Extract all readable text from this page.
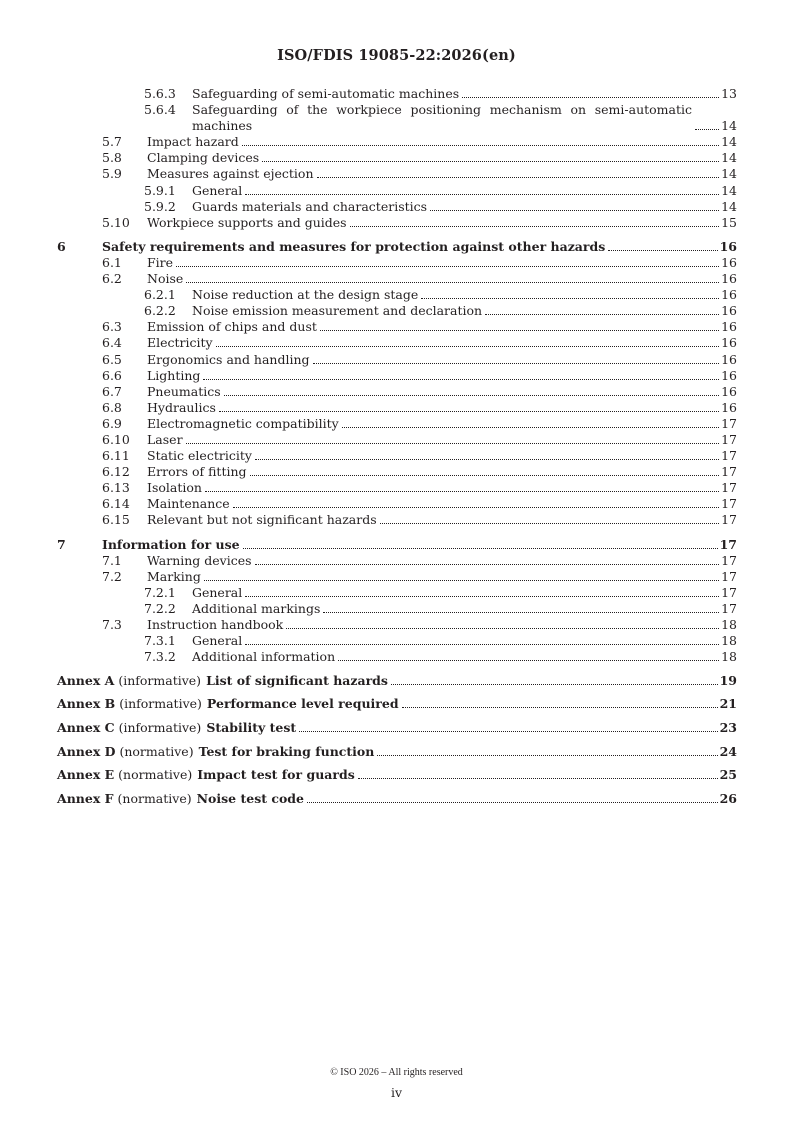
ISO/FDIS 19085-22:2026(en)
5.6.3 Safeguarding of semi-automatic machines	13
5.6.4 Safeguarding of the workpiece positioning mechanism on semi-automatic machines	14
5.7 Impact hazard	14
5.8 Clamping devices	14
5.9 Measures against ejection	14
5.9.1 General	14
5.9.2 Guards materials and characteristics	14
5.10 Workpiece supports and guides	15
6	Safety requirements and measures for protection against other hazards	16
6.1 Fire	16
6.2 Noise	16
6.2.1 Noise reduction at the design stage	16
6.2.2 Noise emission measurement and declaration	16
6.3 Emission of chips and dust	16
6.4 Electricity	16
6.5 Ergonomics and handling	16
6.6 Lighting	16
6.7 Pneumatics	16
6.8 Hydraulics	16
6.9 Electromagnetic compatibility	17
6.10 Laser	17
6.11 Static electricity	17
6.12 Errors of fitting	17
6.13 Isolation	17
6.14 Maintenance	17
6.15 Relevant but not significant hazards	17
7	Information for use	17
7.1 Warning devices	17
7.2 Marking	17
7.2.1 General	17
7.2.2 Additional markings	17
7.3 Instruction handbook	18
7.3.1 General	18
7.3.2 Additional information	18
Annex A (informative) List of significant hazards	19
Annex B (informative) Performance level required	21
Annex C (informative) Stability test	23
Annex D (normative) Test for braking function	24
Annex E (normative) Impact test for guards	25
Annex F (normative) Noise test code	26
© ISO 2026 – All rights reserved
iv
